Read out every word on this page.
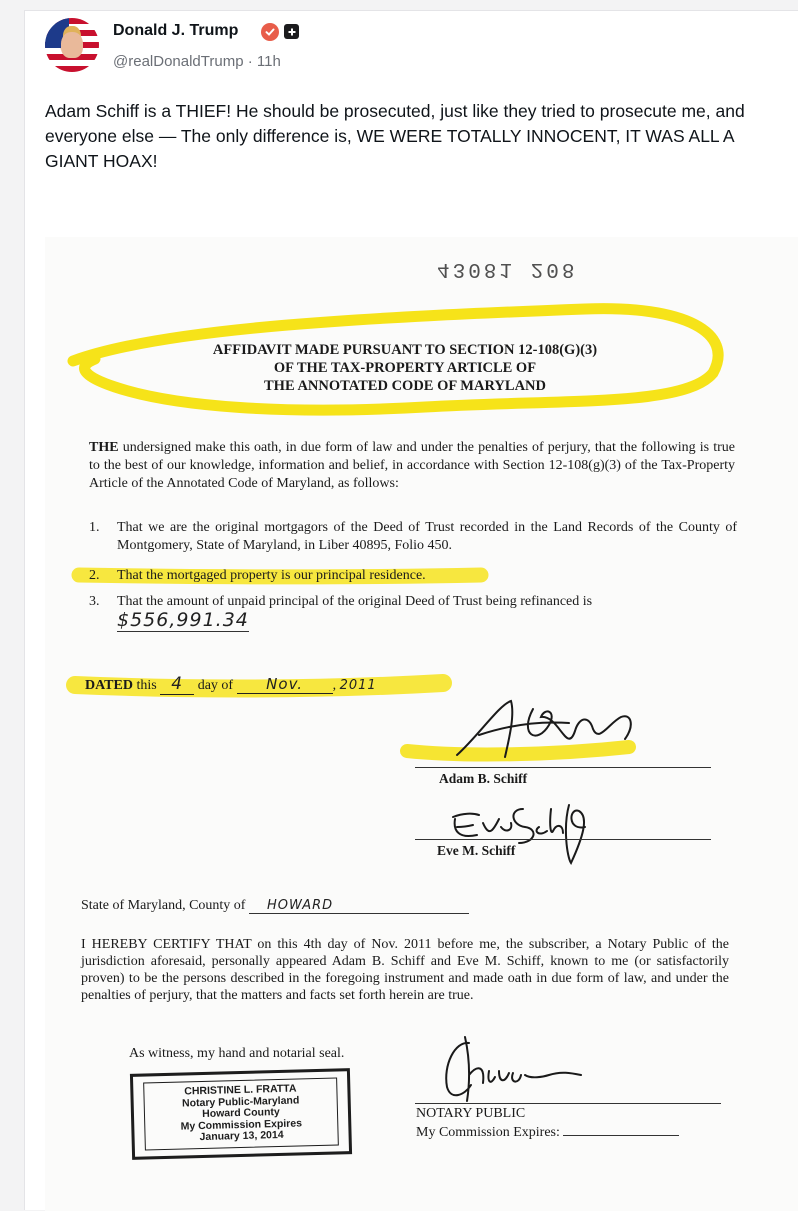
Donald J. Trump
@realDonaldTrump · 11h
Adam Schiff is a THIEF! He should be prosecuted, just like they tried to prosecute me, and everyone else — The only difference is, WE WERE TOTALLY INNOCENT, IT WAS ALL A GIANT HOAX!
43081 208
AFFIDAVIT MADE PURSUANT TO SECTION 12-108(G)(3)
OF THE TAX-PROPERTY ARTICLE OF
THE ANNOTATED CODE OF MARYLAND
THE undersigned make this oath, in due form of law and under the penalties of perjury, that the following is true to the best of our knowledge, information and belief, in accordance with Section 12-108(g)(3) of the Tax-Property Article of the Annotated Code of Maryland, as follows:
1. That we are the original mortgagors of the Deed of Trust recorded in the Land Records of the County of Montgomery, State of Maryland, in Liber 40895, Folio 450.
2. That the mortgaged property is our principal residence.
3. That the amount of unpaid principal of the original Deed of Trust being refinanced is
$556,991.34
DATED this 4 day of Nov. , 2011
Adam B. Schiff
Eve M. Schiff
State of Maryland, County of HOWARD
I HEREBY CERTIFY THAT on this 4th day of Nov. 2011 before me, the subscriber, a Notary Public of the jurisdiction aforesaid, personally appeared Adam B. Schiff and Eve M. Schiff, known to me (or satisfactorily proven) to be the persons described in the foregoing instrument and made oath in due form of law, and under the penalties of perjury, that the matters and facts set forth herein are true.
As witness, my hand and notarial seal.
CHRISTINE L. FRATTA
Notary Public-Maryland
Howard County
My Commission Expires
January 13, 2014
NOTARY PUBLIC
My Commission Expires:
